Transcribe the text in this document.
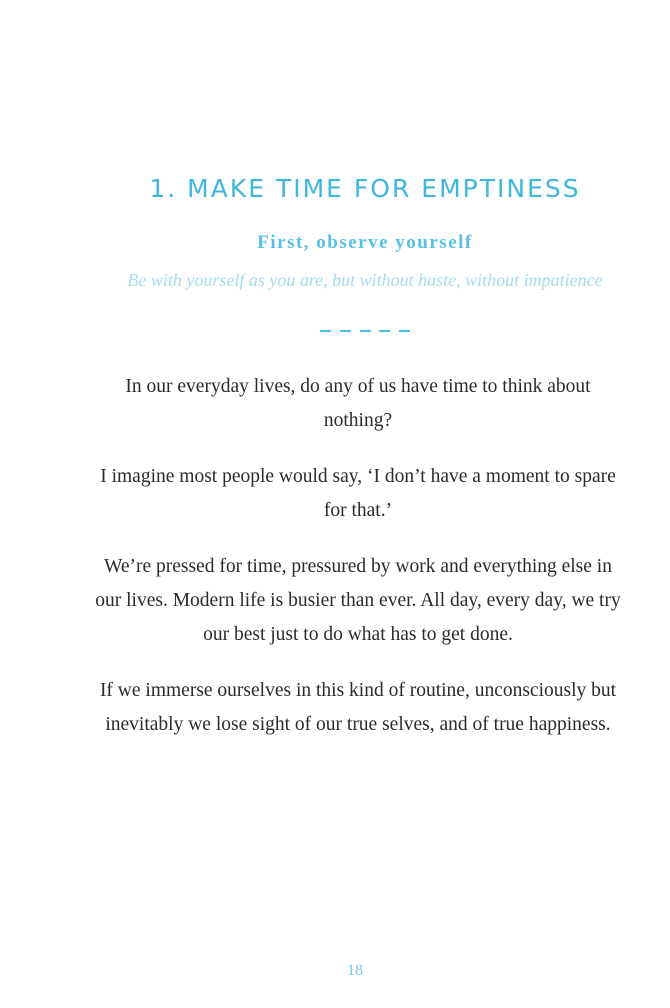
1. MAKE TIME FOR EMPTINESS
First, observe yourself

Be with yourself as you are, but without haste, without impatience

In our everyday lives, do any of us have time to think about nothing?

I imagine most people would say, ‘I don’t have a moment to spare for that.’

We’re pressed for time, pressured by work and everything else in our lives. Modern life is busier than ever. All day, every day, we try our best just to do what has to get done.

If we immerse ourselves in this kind of routine, unconsciously but inevitably we lose sight of our true selves, and of true happiness.

18
